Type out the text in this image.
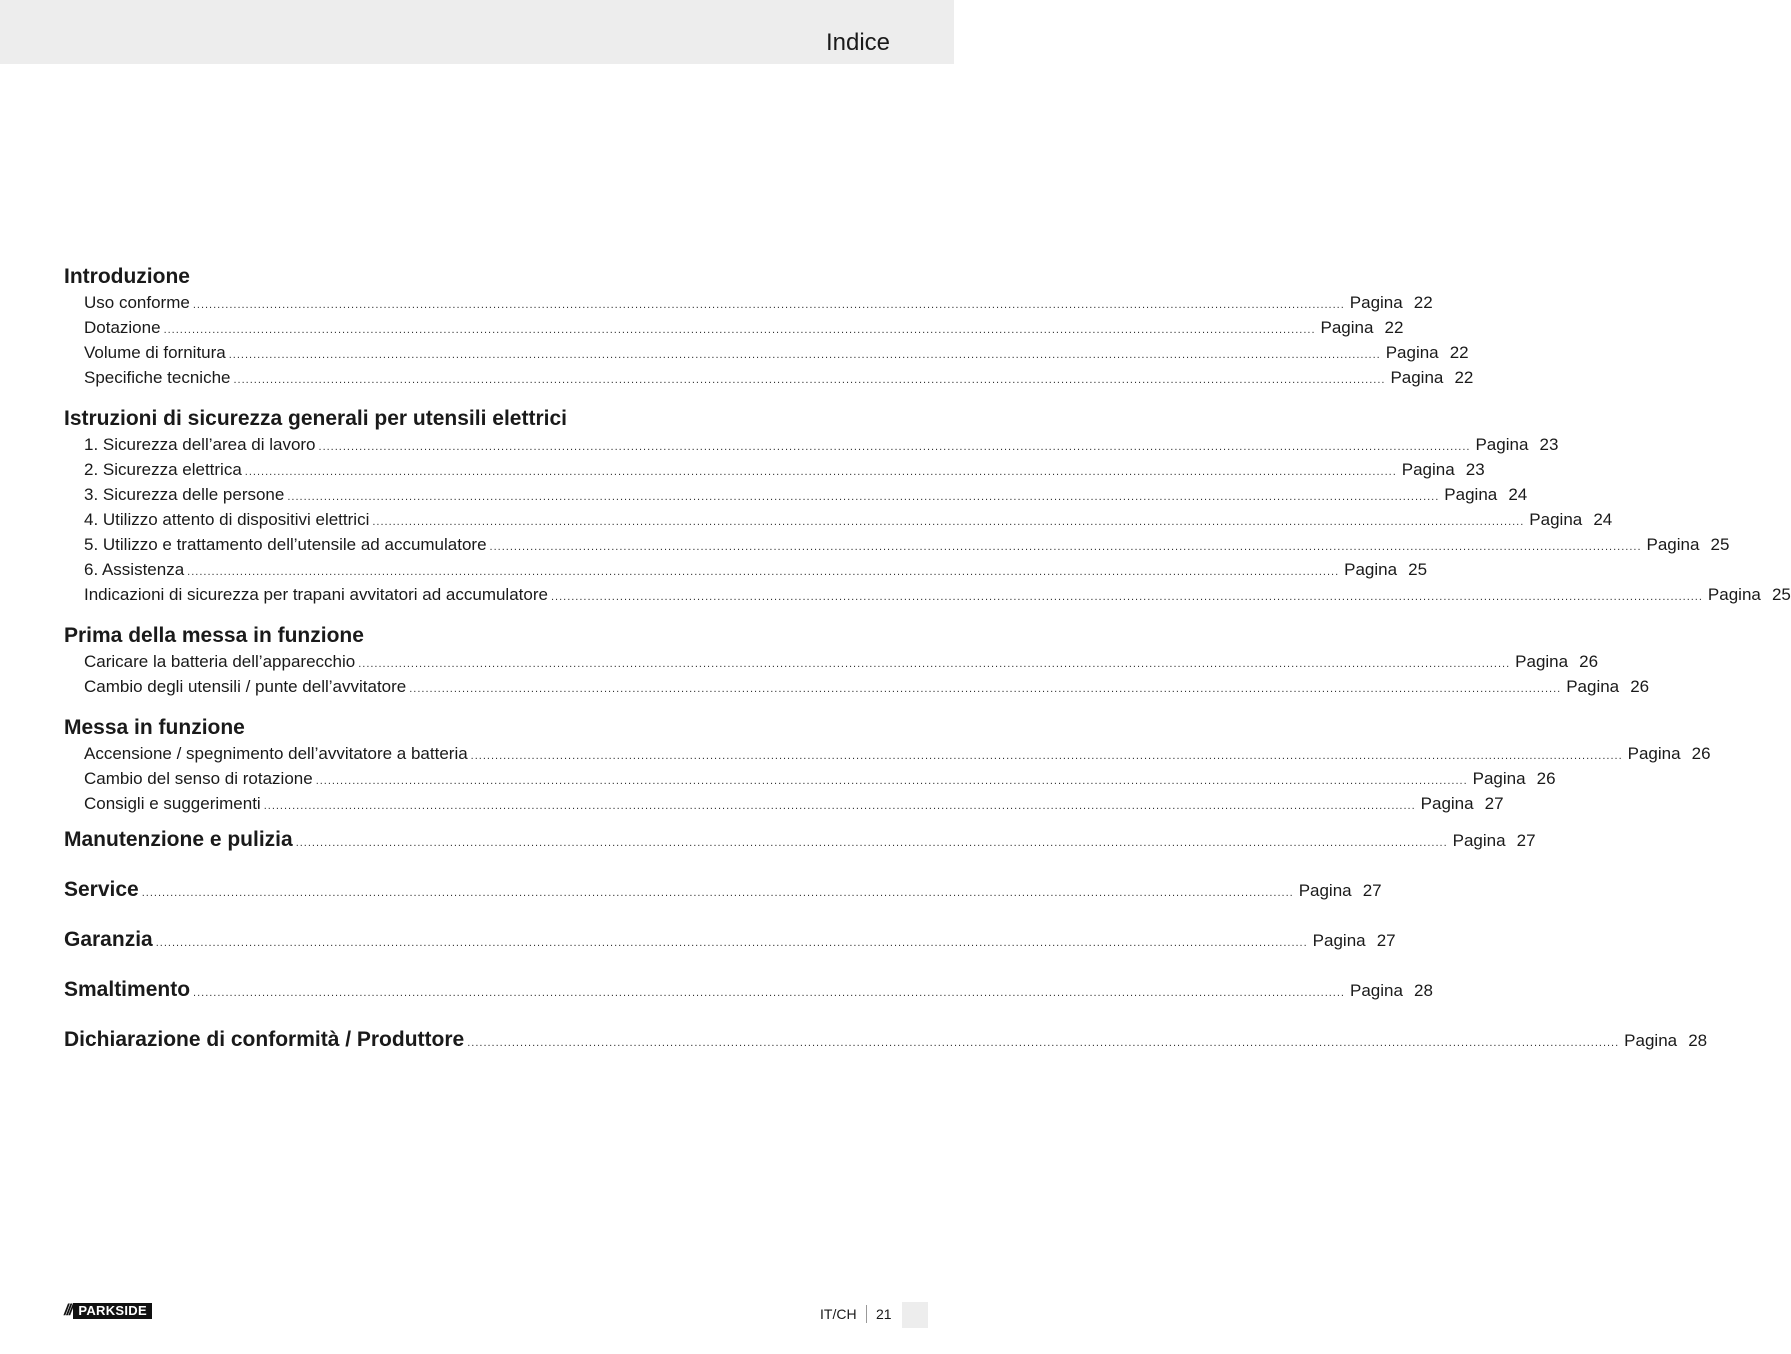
Indice
Introduzione
Uso conforme ............................................................................................................................................................................................................................................................................................ Pagina 22
Dotazione ............................................................................................................................................................................................................................................................................................ Pagina 22
Volume di fornitura ............................................................................................................................................................................................................................................................................................ Pagina 22
Specifiche tecniche ............................................................................................................................................................................................................................................................................................ Pagina 22
Istruzioni di sicurezza generali per utensili elettrici
1. Sicurezza dell’area di lavoro ............................................................................................................................................................................................................................................................................................ Pagina 23
2. Sicurezza elettrica ............................................................................................................................................................................................................................................................................................ Pagina 23
3. Sicurezza delle persone ............................................................................................................................................................................................................................................................................................ Pagina 24
4. Utilizzo attento di dispositivi elettrici ............................................................................................................................................................................................................................................................................................ Pagina 24
5. Utilizzo e trattamento dell’utensile ad accumulatore ............................................................................................................................................................................................................................................................................................ Pagina 25
6. Assistenza ............................................................................................................................................................................................................................................................................................ Pagina 25
Indicazioni di sicurezza per trapani avvitatori ad accumulatore ............................................................................................................................................................................................................................................................................................ Pagina 25
Prima della messa in funzione
Caricare la batteria dell’apparecchio ............................................................................................................................................................................................................................................................................................ Pagina 26
Cambio degli utensili / punte dell’avvitatore ............................................................................................................................................................................................................................................................................................ Pagina 26
Messa in funzione
Accensione / spegnimento dell’avvitatore a batteria ............................................................................................................................................................................................................................................................................................ Pagina 26
Cambio del senso di rotazione ............................................................................................................................................................................................................................................................................................ Pagina 26
Consigli e suggerimenti ............................................................................................................................................................................................................................................................................................ Pagina 27
Manutenzione e pulizia ............................................................................................................................................................................................................................................................................................ Pagina 27
Service ............................................................................................................................................................................................................................................................................................ Pagina 27
Garanzia ............................................................................................................................................................................................................................................................................................ Pagina 27
Smaltimento ............................................................................................................................................................................................................................................................................................ Pagina 28
Dichiarazione di conformità / Produttore ............................................................................................................................................................................................................................................................................................ Pagina 28
/// PARKSIDE	IT/CH 21
